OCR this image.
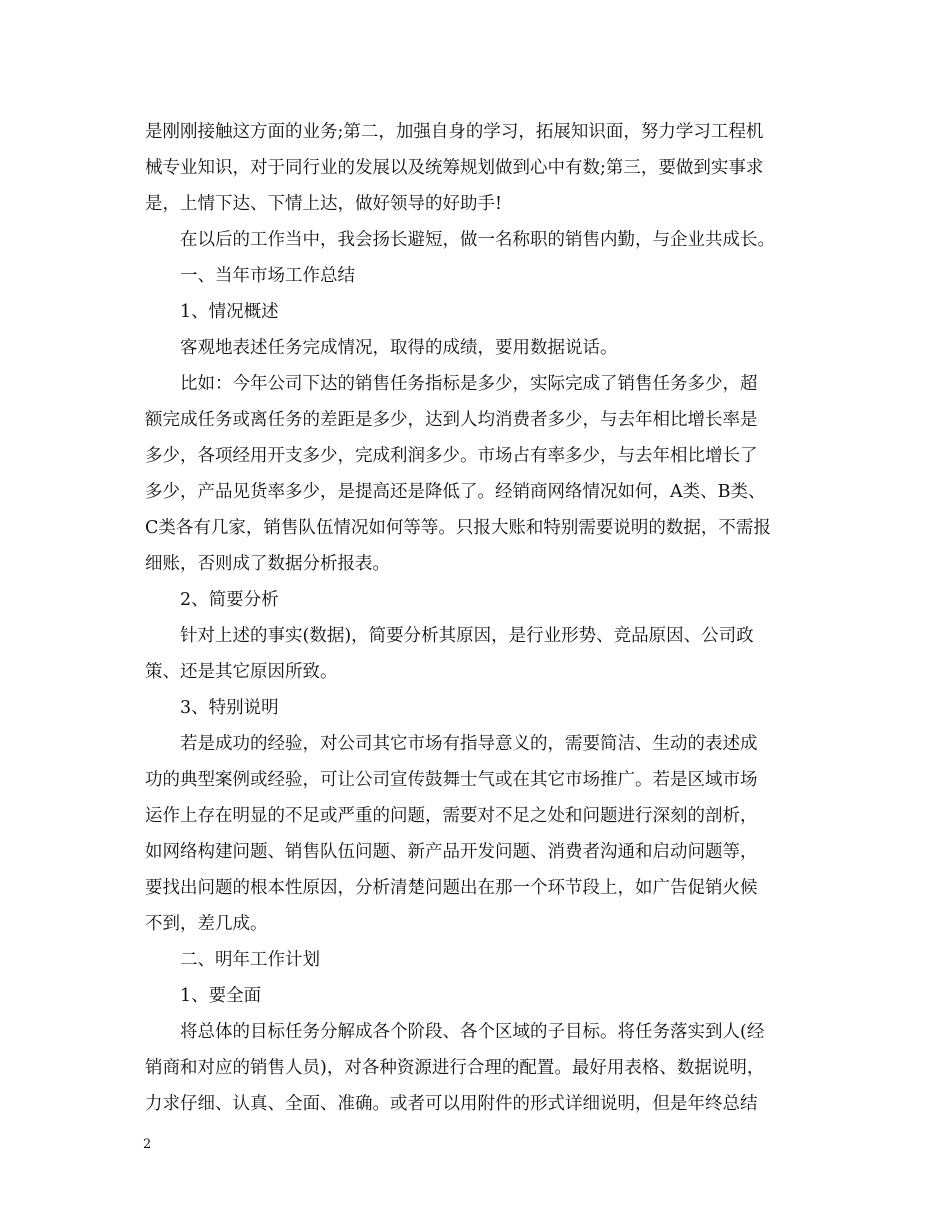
是刚刚接触这方面的业务;第二，加强自身的学习，拓展知识面，努力学习工程机
械专业知识，对于同行业的发展以及统筹规划做到心中有数;第三，要做到实事求
是，上情下达、下情上达，做好领导的好助手!
在以后的工作当中，我会扬长避短，做一名称职的销售内勤，与企业共成长。
一、当年市场工作总结
1、情况概述
客观地表述任务完成情况，取得的成绩，要用数据说话。
比如：今年公司下达的销售任务指标是多少，实际完成了销售任务多少，超
额完成任务或离任务的差距是多少，达到人均消费者多少，与去年相比增长率是
多少，各项经用开支多少，完成利润多少。市场占有率多少，与去年相比增长了
多少，产品见货率多少，是提高还是降低了。经销商网络情况如何，A类、B类、
C类各有几家，销售队伍情况如何等等。只报大账和特别需要说明的数据，不需报
细账，否则成了数据分析报表。
2、简要分析
针对上述的事实(数据)，简要分析其原因，是行业形势、竞品原因、公司政
策、还是其它原因所致。
3、特别说明
若是成功的经验，对公司其它市场有指导意义的，需要简洁、生动的表述成
功的典型案例或经验，可让公司宣传鼓舞士气或在其它市场推广。若是区域市场
运作上存在明显的不足或严重的问题，需要对不足之处和问题进行深刻的剖析，
如网络构建问题、销售队伍问题、新产品开发问题、消费者沟通和启动问题等，
要找出问题的根本性原因，分析清楚问题出在那一个环节段上，如广告促销火候
不到，差几成。
二、明年工作计划
1、要全面
将总体的目标任务分解成各个阶段、各个区域的子目标。将任务落实到人(经
销商和对应的销售人员)，对各种资源进行合理的配置。最好用表格、数据说明，
力求仔细、认真、全面、准确。或者可以用附件的形式详细说明，但是年终总结
2
